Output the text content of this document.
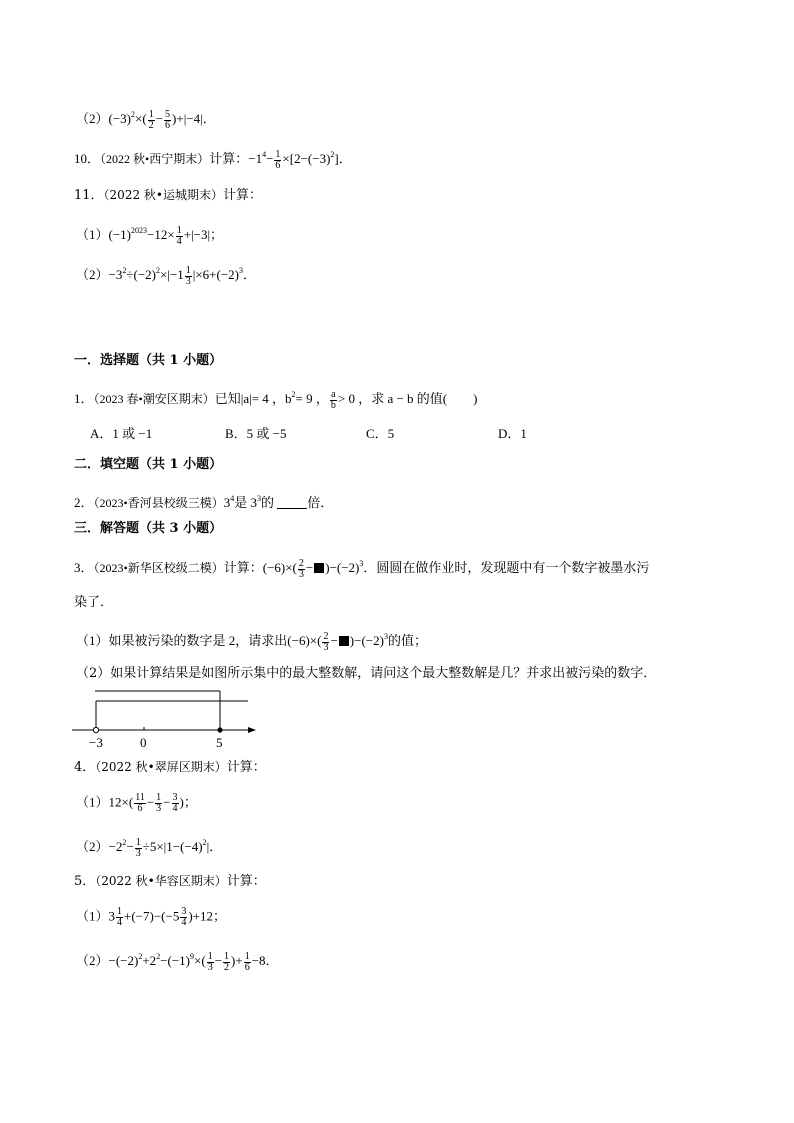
$(2)(-3)^2\times( \frac{1}{2} - \frac{5}{6} )+|-4|$．
10．（2022 秋•西宁期末）计算：$-1^4- \frac{1}{6} \times[2-(-3)^2]$．
11．（2022 秋•运城期末）计算：
$(1)(-1)^{2023}-12\times \frac{1}{4} +|-3|$；
$(2)-3^2\div(-2)^2\times|-1 \frac{1}{3} |\times 6+(-2)^3$．
一．选择题（共 1 小题）
1．（2023 春•潮安区期末）已知|a|= 4 ，$b^2= 9$ ， $\frac{a}{b} > 0$ ，求 a − b 的值(　　)
A．1 或 −1	B．5 或 −5	C．5	D．1
二．填空题（共 1 小题）
2．（2023•香河县校级三模）$3^4$是 $3^3$的	倍．
三．解答题（共 3 小题）
3．（2023•新华区校级二模）计算：$(-6)\times( \frac{2}{3} - )-(-2)^3$．圆圆在做作业时，发现题中有一个数字被墨水污
染了．
（1）如果被污染的数字是 2，请求出$(-6)\times( \frac{2}{3} - )-(-2)^3$的值；
（2）如果计算结果是如图所示集中的最大整数解，请问这个最大整数解是几？并求出被污染的数字．
−3	0	5
4．（2022 秋•翠屏区期末）计算：
$(1)12\times( \frac{11}{6} - \frac{1}{3} - \frac{3}{4}$ )；
$(2)-2^2- \frac{1}{3} \div 5\times|1-(-4)^2|$．
5．（2022 秋•华容区期末）计算：
$(1)3 \frac{1}{4} +(-7)-(-5 \frac{3}{4} )+12$；
$(2)-(-2)^2+2^2-(-1)^9\times( \frac{1}{3} - \frac{1}{2}$ )+ $\frac{1}{6} -8$．
